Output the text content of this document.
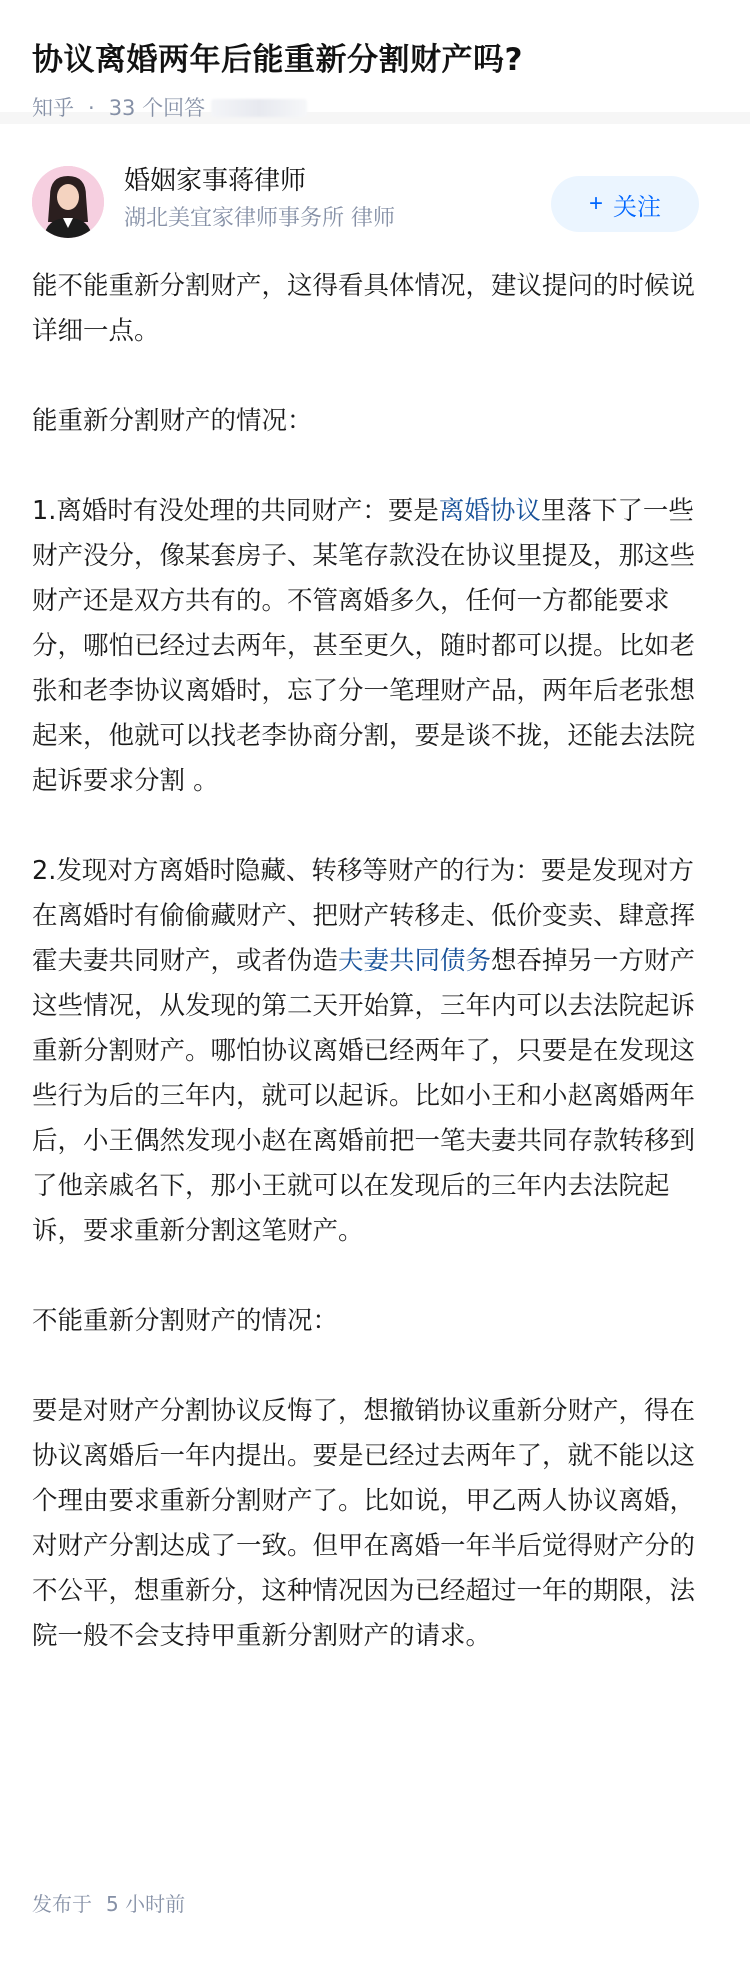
协议离婚两年后能重新分割财产吗?
知乎 · 33 个回答
婚姻家事蒋律师
湖北美宜家律师事务所 律师
+ 关注

能不能重新分割财产，这得看具体情况，建议提问的时候说详细一点。

能重新分割财产的情况：

1.离婚时有没处理的共同财产：要是离婚协议里落下了一些财产没分，像某套房子、某笔存款没在协议里提及，那这些财产还是双方共有的。不管离婚多久，任何一方都能要求分，哪怕已经过去两年，甚至更久，随时都可以提。比如老张和老李协议离婚时，忘了分一笔理财产品，两年后老张想起来，他就可以找老李协商分割，要是谈不拢，还能去法院起诉要求分割 。

2.发现对方离婚时隐藏、转移等财产的行为：要是发现对方在离婚时有偷偷藏财产、把财产转移走、低价变卖、肆意挥霍夫妻共同财产，或者伪造夫妻共同债务想吞掉另一方财产这些情况，从发现的第二天开始算，三年内可以去法院起诉重新分割财产。哪怕协议离婚已经两年了，只要是在发现这些行为后的三年内，就可以起诉。比如小王和小赵离婚两年后，小王偶然发现小赵在离婚前把一笔夫妻共同存款转移到了他亲戚名下，那小王就可以在发现后的三年内去法院起诉，要求重新分割这笔财产。

不能重新分割财产的情况：

要是对财产分割协议反悔了，想撤销协议重新分财产，得在协议离婚后一年内提出。要是已经过去两年了，就不能以这个理由要求重新分割财产了。比如说，甲乙两人协议离婚，对财产分割达成了一致。但甲在离婚一年半后觉得财产分的不公平，想重新分，这种情况因为已经超过一年的期限，法院一般不会支持甲重新分割财产的请求。

发布于 5 小时前
